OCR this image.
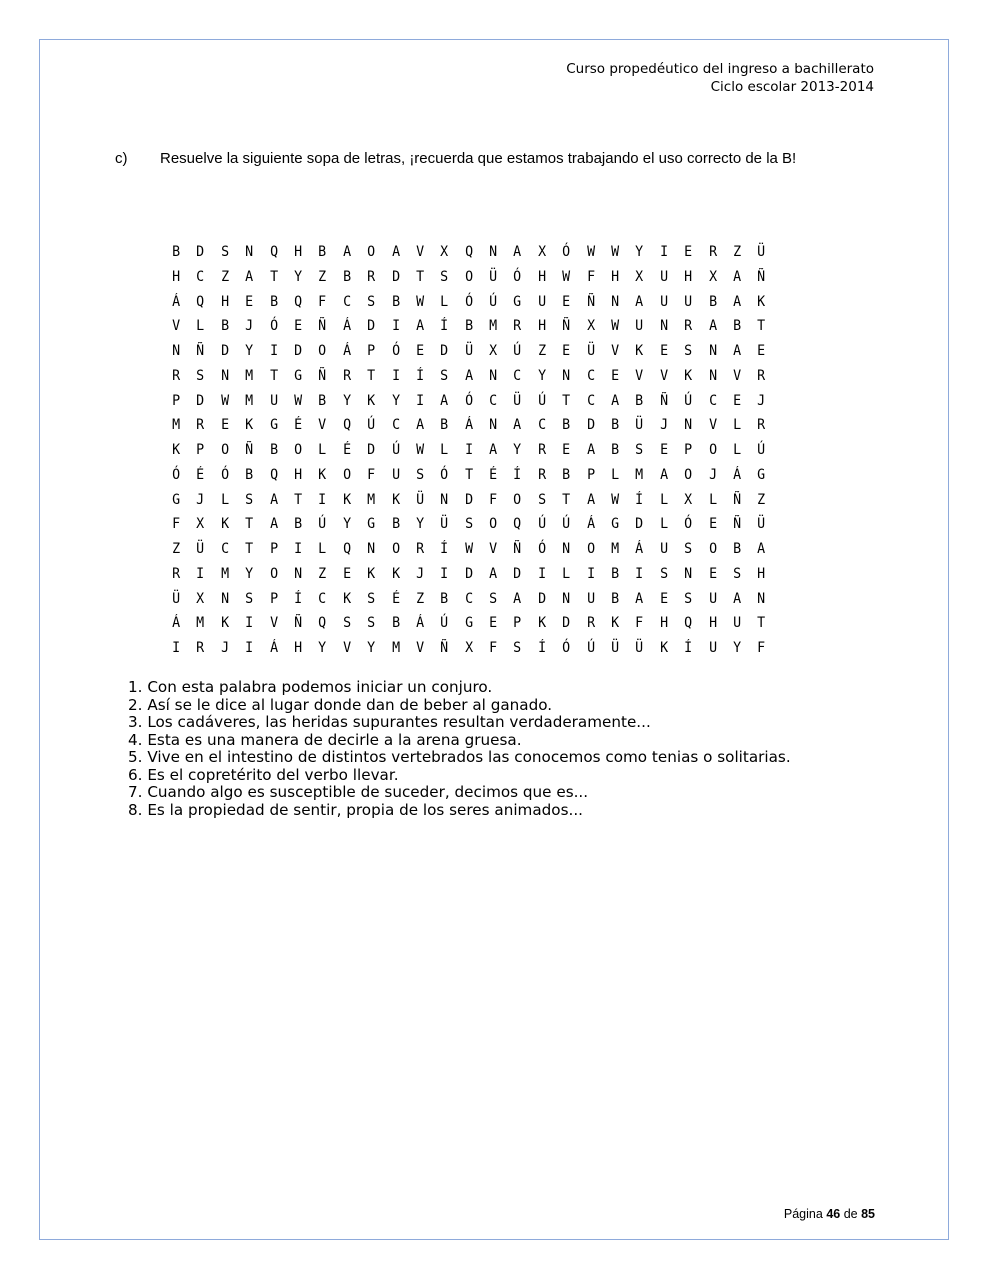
Curso propedéutico del ingreso a bachillerato
Ciclo escolar 2013-2014
c) Resuelve la siguiente sopa de letras, ¡recuerda que estamos trabajando el uso correcto de la B!
B	D	S	N	Q	H	B	A	O	A	V	X	Q	N	A	X	Ó	W	W	Y	I	E	R	Z	Ü
H	C	Z	A	T	Y	Z	B	R	D	T	S	O	Ü	Ó	H	W	F	H	X	U	H	X	A	Ñ
Á	Q	H	E	B	Q	F	C	S	B	W	L	Ó	Ú	G	U	E	Ñ	N	A	U	U	B	A	K
V	L	B	J	Ó	E	Ñ	Á	D	I	A	Í	B	M	R	H	Ñ	X	W	U	N	R	A	B	T
N	Ñ	D	Y	I	D	O	Á	P	Ó	E	D	Ü	X	Ú	Z	E	Ü	V	K	E	S	N	A	E
R	S	N	M	T	G	Ñ	R	T	I	Í	S	A	N	C	Y	N	C	E	V	V	K	N	V	R
P	D	W	M	U	W	B	Y	K	Y	I	A	Ó	C	Ü	Ú	T	C	A	B	Ñ	Ú	C	E	J
M	R	E	K	G	É	V	Q	Ú	C	A	B	Á	N	A	C	B	D	B	Ü	J	N	V	L	R
K	P	O	Ñ	B	O	L	É	D	Ú	W	L	I	A	Y	R	E	A	B	S	E	P	O	L	Ú
Ó	É	Ó	B	Q	H	K	O	F	U	S	Ó	T	É	Í	R	B	P	L	M	A	O	J	Á	G
G	J	L	S	A	T	I	K	M	K	Ü	N	D	F	O	S	T	A	W	Í	L	X	L	Ñ	Z
F	X	K	T	A	B	Ú	Y	G	B	Y	Ü	S	O	Q	Ú	Ú	Á	G	D	L	Ó	E	Ñ	Ü
Z	Ü	C	T	P	I	L	Q	N	O	R	Í	W	V	Ñ	Ó	N	O	M	Á	U	S	O	B	A
R	I	M	Y	O	N	Z	E	K	K	J	I	D	A	D	I	L	I	B	I	S	N	E	S	H
Ü	X	N	S	P	Í	C	K	S	É	Z	B	C	S	A	D	N	U	B	A	E	S	U	A	N
Á	M	K	I	V	Ñ	Q	S	S	B	Á	Ú	G	E	P	K	D	R	K	F	H	Q	H	U	T
I	R	J	I	Á	H	Y	V	Y	M	V	Ñ	X	F	S	Í	Ó	Ú	Ü	Ü	K	Í	U	Y	F
1. Con esta palabra podemos iniciar un conjuro.
2. Así se le dice al lugar donde dan de beber al ganado.
3. Los cadáveres, las heridas supurantes resultan verdaderamente...
4. Esta es una manera de decirle a la arena gruesa.
5. Vive en el intestino de distintos vertebrados las conocemos como tenias o solitarias.
6. Es el copretérito del verbo llevar.
7. Cuando algo es susceptible de suceder, decimos que es...
8. Es la propiedad de sentir, propia de los seres animados...
Página 46 de 85
